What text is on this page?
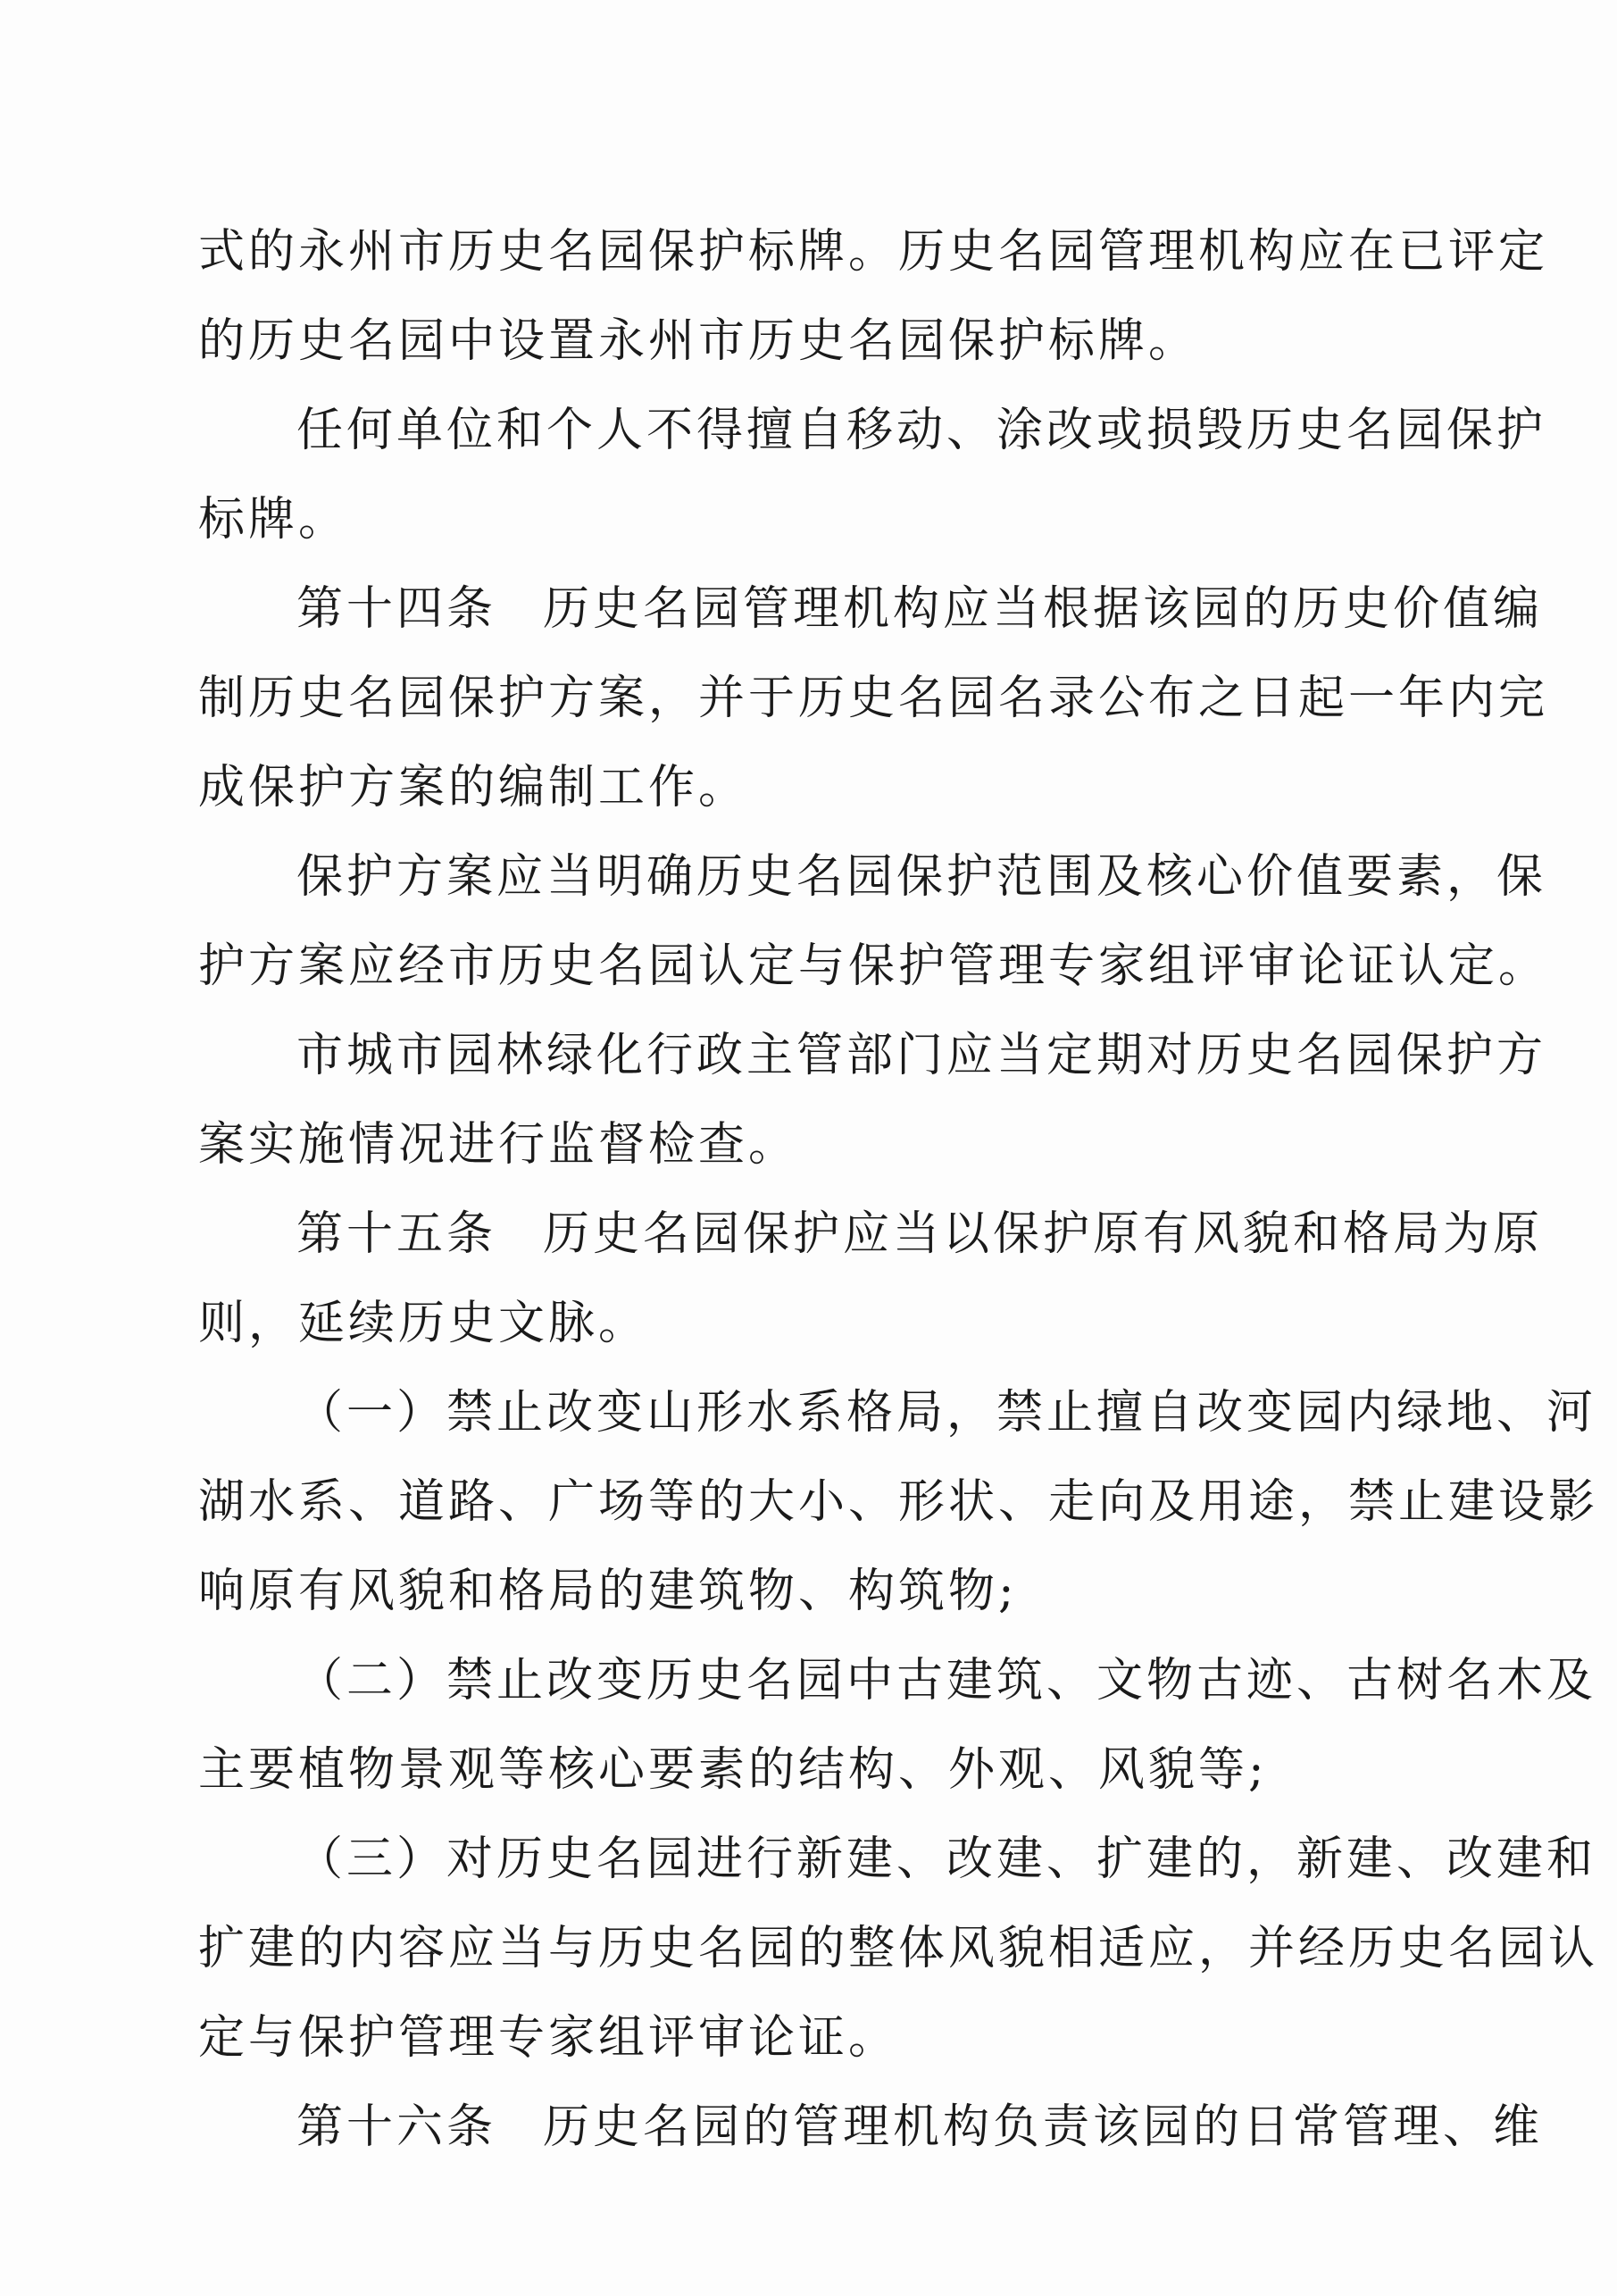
式的永州市历史名园保护标牌。历史名园管理机构应在已评定
的历史名园中设置永州市历史名园保护标牌。
任何单位和个人不得擅自移动、涂改或损毁历史名园保护
标牌。
第十四条 历史名园管理机构应当根据该园的历史价值编
制历史名园保护方案，并于历史名园名录公布之日起一年内完
成保护方案的编制工作。
保护方案应当明确历史名园保护范围及核心价值要素，保
护方案应经市历史名园认定与保护管理专家组评审论证认定。
市城市园林绿化行政主管部门应当定期对历史名园保护方
案实施情况进行监督检查。
第十五条 历史名园保护应当以保护原有风貌和格局为原
则，延续历史文脉。
（一）禁止改变山形水系格局，禁止擅自改变园内绿地、河
湖水系、道路、广场等的大小、形状、走向及用途，禁止建设影
响原有风貌和格局的建筑物、构筑物;
（二）禁止改变历史名园中古建筑、文物古迹、古树名木及
主要植物景观等核心要素的结构、外观、风貌等;
（三）对历史名园进行新建、改建、扩建的，新建、改建和
扩建的内容应当与历史名园的整体风貌相适应，并经历史名园认
定与保护管理专家组评审论证。
第十六条 历史名园的管理机构负责该园的日常管理、维
